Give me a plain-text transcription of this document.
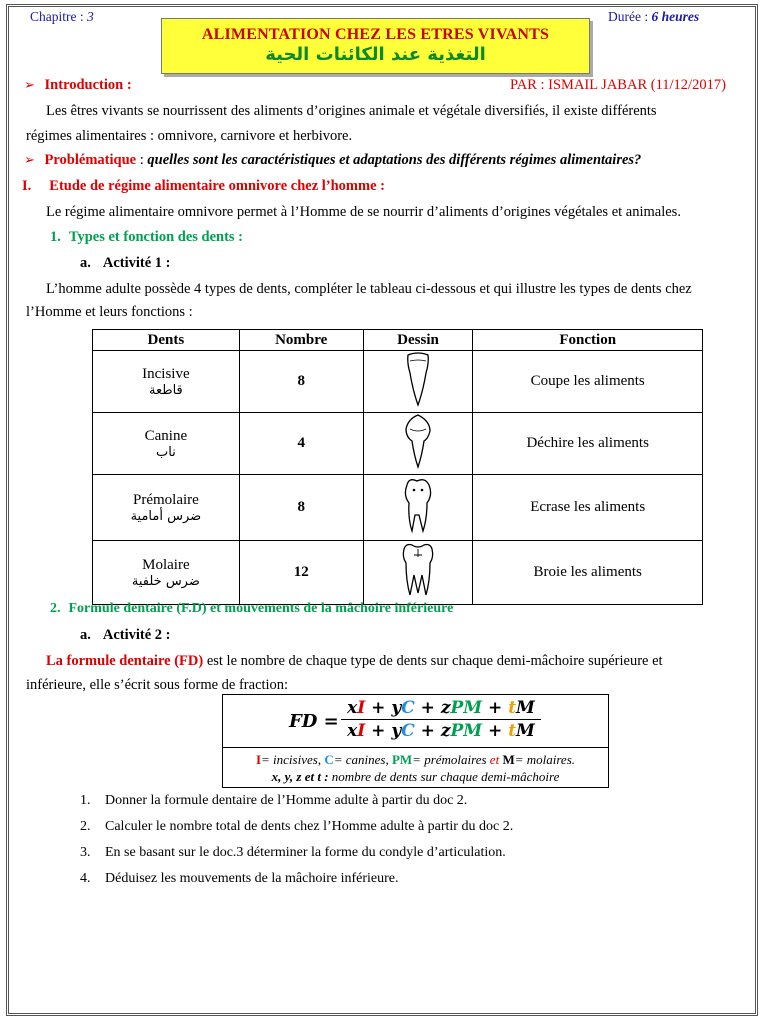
Chapitre : 3	Durée : 6 heures
ALIMENTATION CHEZ LES ETRES VIVANTS
التغذية عند الكائنات الحية
➢ Introduction :	PAR : ISMAIL JABAR (11/12/2017)
Les êtres vivants se nourrissent des aliments d’origines animale et végétale diversifiés, il existe différents
régimes alimentaires : omnivore, carnivore et herbivore.
➢ Problématique : quelles sont les caractéristiques et adaptations des différents régimes alimentaires?
I. Etude de régime alimentaire omnivore chez l’homme :
Le régime alimentaire omnivore permet à l’Homme de se nourrir d’aliments d’origines végétales et animales.
1. Types et fonction des dents :
a. Activité 1 :
L’homme adulte possède 4 types de dents, compléter le tableau ci-dessous et qui illustre les types de dents chez
l’Homme et leurs fonctions :
Dents	Nombre	Dessin	Fonction

Incisive
قاطعة	8		Coupe les aliments

Canine
ناب	4		Déchire les aliments

Prémolaire
ضرس أمامية	8		Ecrase les aliments

Molaire
ضرس خلفية	12		Broie les aliments
2. Formule dentaire (F.D) et mouvements de la mâchoire inférieure
a. Activité 2 :
La formule dentaire (FD) est le nombre de chaque type de dents sur chaque demi-mâchoire supérieure et
inférieure, elle s’écrit sous forme de fraction:
FD =
xI + yC + zPM + tM
xI + yC + zPM + tM
I= incisives, C= canines, PM= prémolaires et M= molaires.
x, y, z et t : nombre de dents sur chaque demi-mâchoire
1. Donner la formule dentaire de l’Homme adulte à partir du doc 2.
2. Calculer le nombre total de dents chez l’Homme adulte à partir du doc 2.
3. En se basant sur le doc.3 déterminer la forme du condyle d’articulation.
4. Déduisez les mouvements de la mâchoire inférieure.
